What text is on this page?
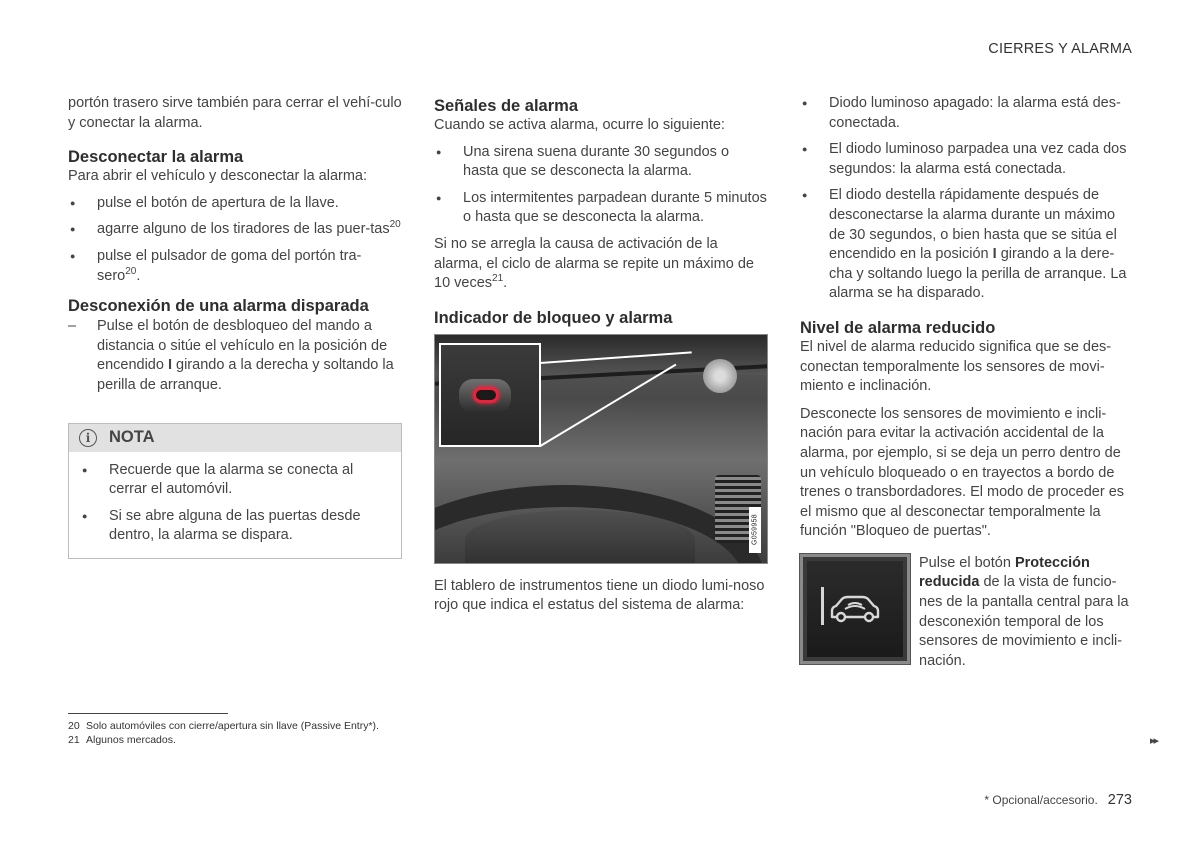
CIERRES Y ALARMA

portón trasero sirve también para cerrar el vehí-culo y conectar la alarma.

Desconectar la alarma

Para abrir el vehículo y desconectar la alarma:

● pulse el botón de apertura de la llave.
● agarre alguno de los tiradores de las puer-tas$^{20}$
● pulse el pulsador de goma del portón tra-sero$^{20}$.
Desconexión de una alarma disparada
– Pulse el botón de desbloqueo del mando a distancia o sitúe el vehículo en la posición de encendido I girando a la derecha y soltando la perilla de arranque.
i	NOTA
● Recuerde que la alarma se conecta al cerrar el automóvil.
● Si se abre alguna de las puertas desde dentro, la alarma se dispara.
Señales de alarma

Cuando se activa alarma, ocurre lo siguiente:

● Una sirena suena durante 30 segundos o hasta que se desconecta la alarma.
● Los intermitentes parpadean durante 5 minutos o hasta que se desconecta la alarma.

Si no se arregla la causa de activación de la alarma, el ciclo de alarma se repite un máximo de 10 veces$^{21}$.

Indicador de bloqueo y alarma
G059958

El tablero de instrumentos tiene un diodo lumi-noso rojo que indica el estatus del sistema de alarma:

● Diodo luminoso apagado: la alarma está des-conectada.
● El diodo luminoso parpadea una vez cada dos segundos: la alarma está conectada.
● El diodo destella rápidamente después de desconectarse la alarma durante un máximo de 30 segundos, o bien hasta que se sitúa el encendido en la posición I girando a la dere-cha y soltando luego la perilla de arranque. La alarma se ha disparado.
Nivel de alarma reducido

El nivel de alarma reducido significa que se des-conectan temporalmente los sensores de movi-miento e inclinación.

Desconecte los sensores de movimiento e incli-nación para evitar la activación accidental de la alarma, por ejemplo, si se deja un perro dentro de un vehículo bloqueado o en trayectos a bordo de trenes o transbordadores. El modo de proceder es el mismo que al desconectar temporalmente la función "Bloqueo de puertas".

Pulse el botón Protección reducida de la vista de funcio-nes de la pantalla central para la desconexión temporal de los sensores de movimiento e incli-nación.

20 Solo automóviles con cierre/apertura sin llave (Passive Entry*).
21 Algunos mercados.	▸▸
* Opcional/accesorio. 273
